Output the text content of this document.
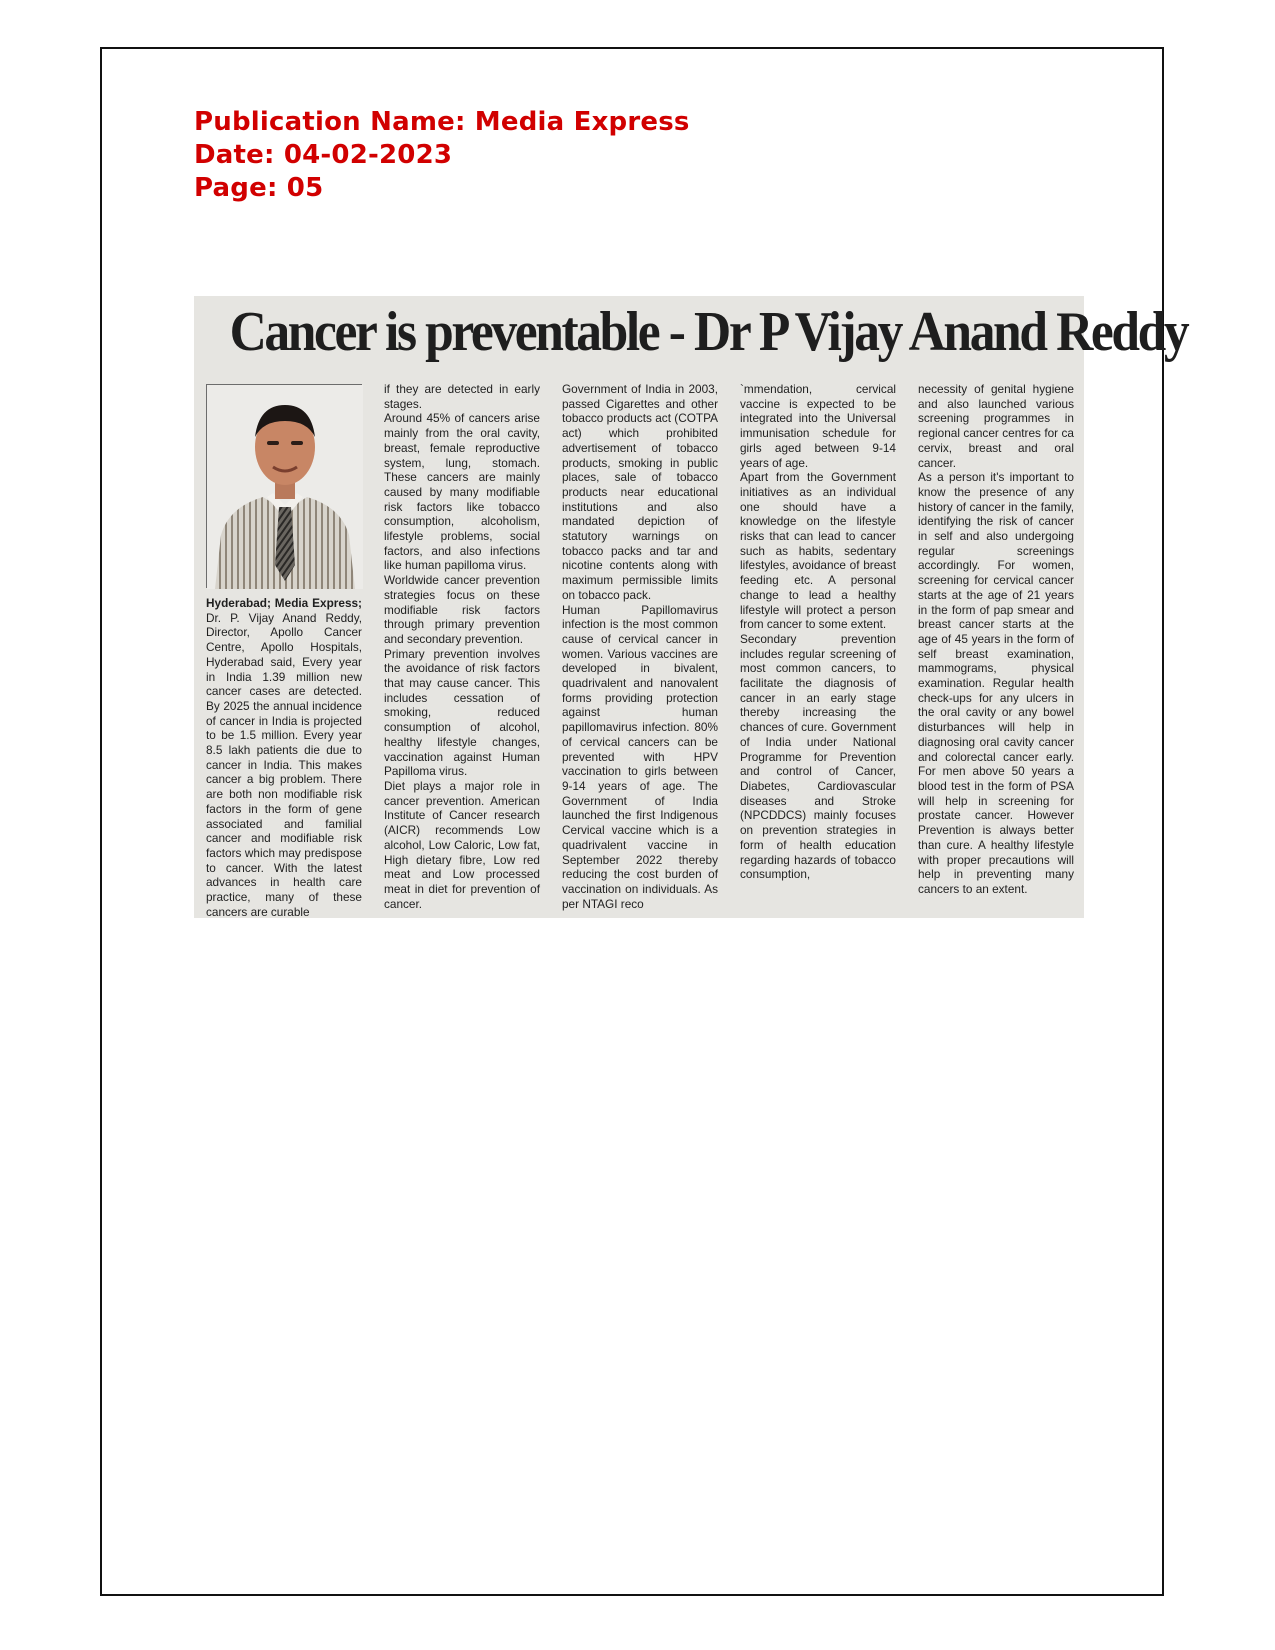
Publication Name: Media Express
Date: 04-02-2023
Page: 05
Cancer is preventable - Dr P Vijay Anand Reddy

Hyderabad; Media Express; Dr. P. Vijay Anand Reddy, Director, Apollo Cancer Centre, Apollo Hospitals, Hyderabad said, Every year in India 1.39 million new cancer cases are detected. By 2025 the annual incidence of cancer in India is projected to be 1.5 million. Every year 8.5 lakh patients die due to cancer in India. This makes cancer a big problem. There are both non modifiable risk factors in the form of gene associated and familial cancer and modifiable risk factors which may predispose to cancer. With the latest advances in health care practice, many of these cancers are curable

if they are detected in early stages.

Around 45% of cancers arise mainly from the oral cavity, breast, female reproductive system, lung, stomach. These cancers are mainly caused by many modifiable risk factors like tobacco consumption, alcoholism, lifestyle problems, social factors, and also infections like human papilloma virus.

Worldwide cancer prevention strategies focus on these modifiable risk factors through primary prevention and secondary prevention.

Primary prevention involves the avoidance of risk factors that may cause cancer. This includes cessation of smoking, reduced consumption of alcohol, healthy lifestyle changes, vaccination against Human Papilloma virus.

Diet plays a major role in cancer prevention. American Institute of Cancer research (AICR) recommends Low alcohol, Low Caloric, Low fat, High dietary fibre, Low red meat and Low processed meat in diet for prevention of cancer.

Government of India in 2003, passed Cigarettes and other tobacco products act (COTPA act) which prohibited advertisement of tobacco products, smoking in public places, sale of tobacco products near educational institutions and also mandated depiction of statutory warnings on tobacco packs and tar and nicotine contents along with maximum permissible limits on tobacco pack.

Human Papillomavirus infection is the most common cause of cervical cancer in women. Various vaccines are developed in bivalent, quadrivalent and nanovalent forms providing protection against human papillomavirus infection. 80% of cervical cancers can be prevented with HPV vaccination to girls between 9-14 years of age. The Government of India launched the first Indigenous Cervical vaccine which is a quadrivalent vaccine in September 2022 thereby reducing the cost burden of vaccination on individuals. As per NTAGI reco

`mmendation, cervical vaccine is expected to be integrated into the Universal immunisation schedule for girls aged between 9-14 years of age.

Apart from the Government initiatives as an individual one should have a knowledge on the lifestyle risks that can lead to cancer such as habits, sedentary lifestyles, avoidance of breast feeding etc. A personal change to lead a healthy lifestyle will protect a person from cancer to some extent.

Secondary prevention includes regular screening of most common cancers, to facilitate the diagnosis of cancer in an early stage thereby increasing the chances of cure. Government of India under National Programme for Prevention and control of Cancer, Diabetes, Cardiovascular diseases and Stroke (NPCDDCS) mainly focuses on prevention strategies in form of health education regarding hazards of tobacco consumption,

necessity of genital hygiene and also launched various screening programmes in regional cancer centres for ca cervix, breast and oral cancer.

As a person it's important to know the presence of any history of cancer in the family, identifying the risk of cancer in self and also undergoing regular screenings accordingly. For women, screening for cervical cancer starts at the age of 21 years in the form of pap smear and breast cancer starts at the age of 45 years in the form of self breast examination, mammograms, physical examination. Regular health check-ups for any ulcers in the oral cavity or any bowel disturbances will help in diagnosing oral cavity cancer and colorectal cancer early. For men above 50 years a blood test in the form of PSA will help in screening for prostate cancer. However Prevention is always better than cure. A healthy lifestyle with proper precautions will help in preventing many cancers to an extent.
